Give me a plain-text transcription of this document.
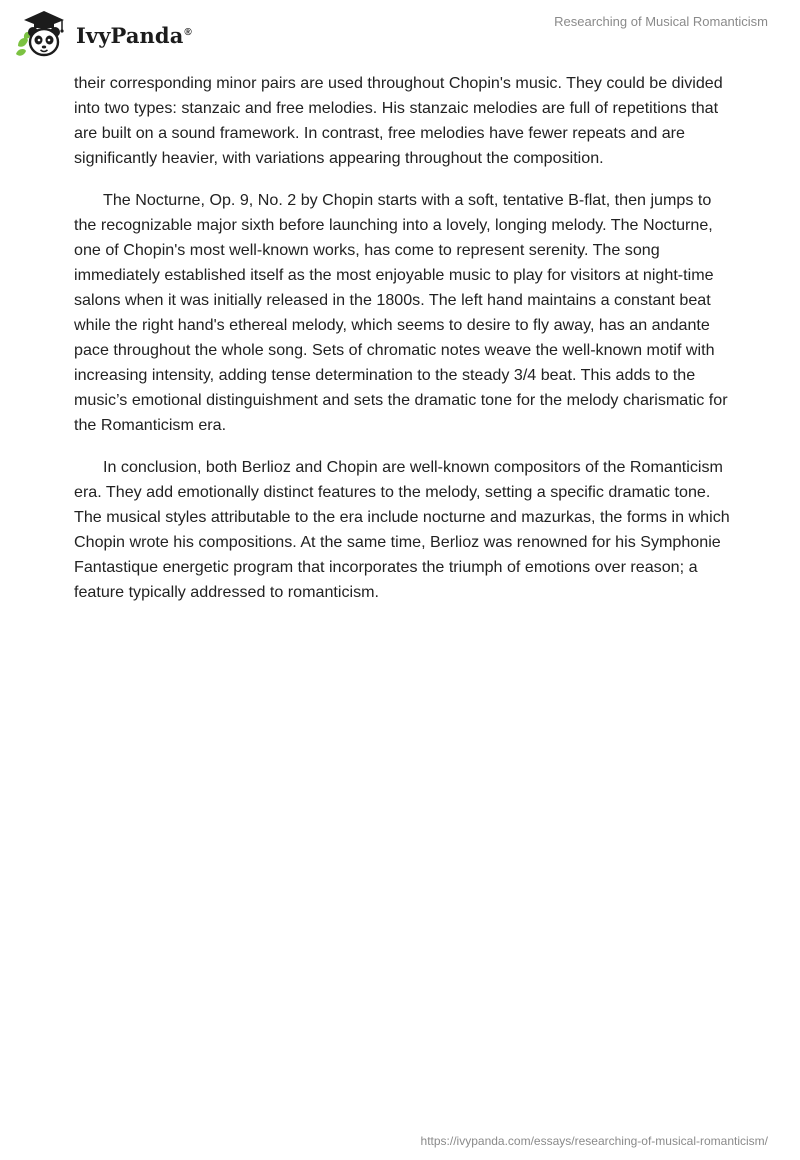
IvyPanda®
Researching of Musical Romanticism

their corresponding minor pairs are used throughout Chopin's music. They could be divided into two types: stanzaic and free melodies. His stanzaic melodies are full of repetitions that are built on a sound framework. In contrast, free melodies have fewer repeats and are significantly heavier, with variations appearing throughout the composition.

The Nocturne, Op. 9, No. 2 by Chopin starts with a soft, tentative B-flat, then jumps to the recognizable major sixth before launching into a lovely, longing melody. The Nocturne, one of Chopin's most well-known works, has come to represent serenity. The song immediately established itself as the most enjoyable music to play for visitors at night-time salons when it was initially released in the 1800s. The left hand maintains a constant beat while the right hand's ethereal melody, which seems to desire to fly away, has an andante pace throughout the whole song. Sets of chromatic notes weave the well-known motif with increasing intensity, adding tense determination to the steady 3/4 beat. This adds to the music’s emotional distinguishment and sets the dramatic tone for the melody charismatic for the Romanticism era.

In conclusion, both Berlioz and Chopin are well-known compositors of the Romanticism era. They add emotionally distinct features to the melody, setting a specific dramatic tone. The musical styles attributable to the era include nocturne and mazurkas, the forms in which Chopin wrote his compositions. At the same time, Berlioz was renowned for his Symphonie Fantastique energetic program that incorporates the triumph of emotions over reason; a feature typically addressed to romanticism.

https://ivypanda.com/essays/researching-of-musical-romanticism/
